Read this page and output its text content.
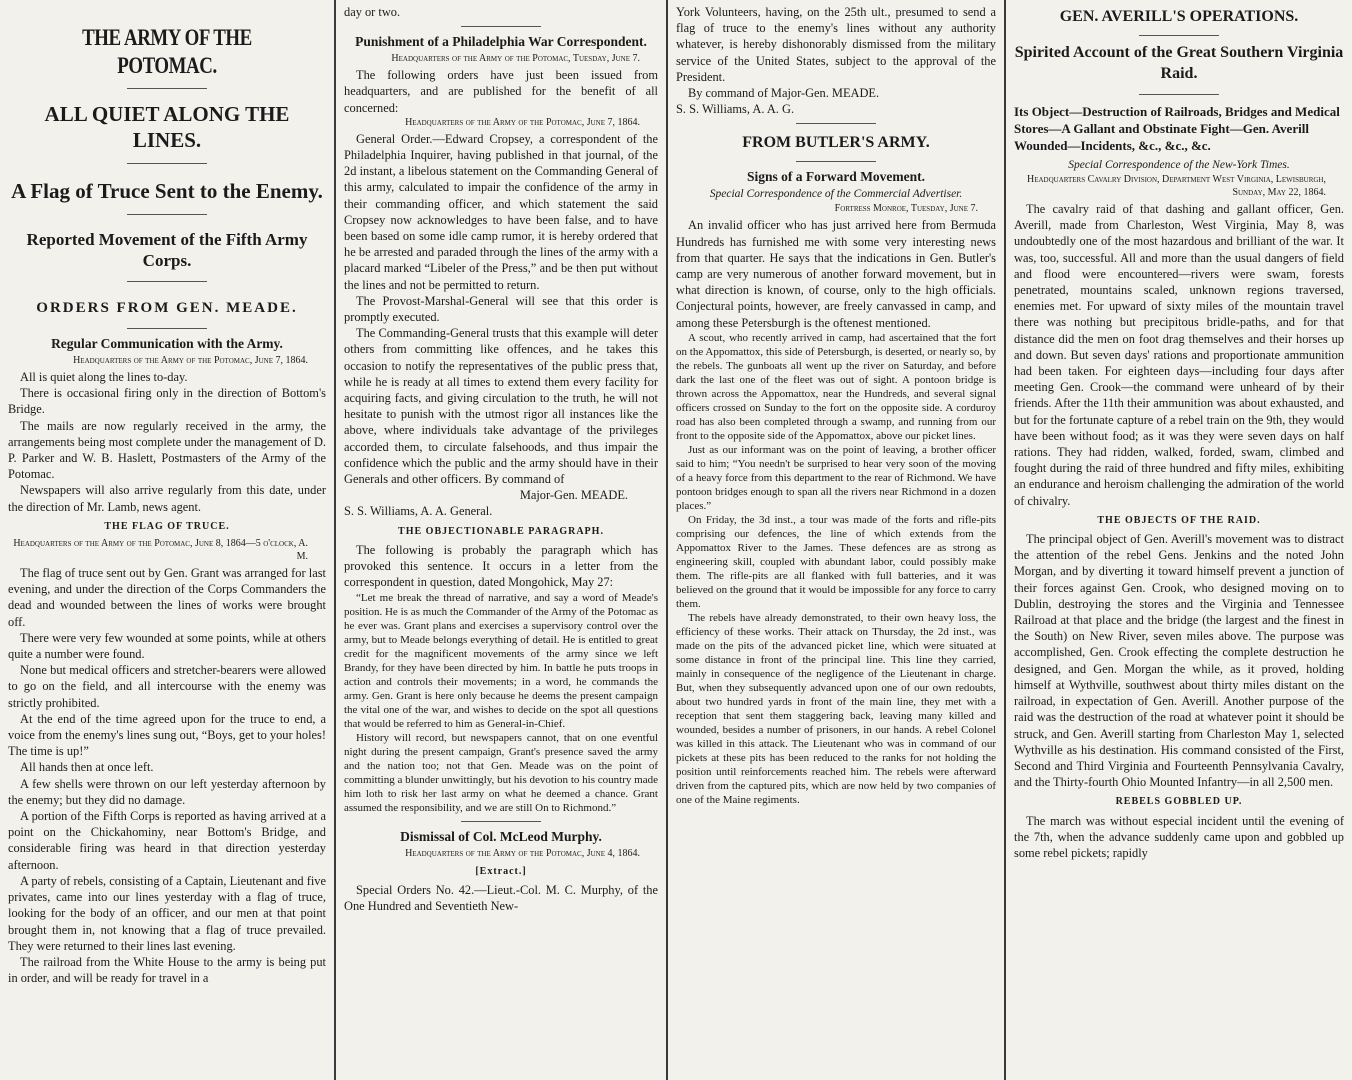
THE ARMY OF THE POTOMAC.
ALL QUIET ALONG THE LINES.
A Flag of Truce Sent to the Enemy.
Reported Movement of the Fifth Army Corps.
ORDERS FROM GEN. MEADE.
Regular Communication with the Army.
Headquarters of the Army of the Potomac, June 7, 1864.

All is quiet along the lines to-day.

There is occasional firing only in the direction of Bottom's Bridge.

The mails are now regularly received in the army, the arrangements being most complete under the management of D. P. Parker and W. B. Haslett, Postmasters of the Army of the Potomac.

Newspapers will also arrive regularly from this date, under the direction of Mr. Lamb, news agent.

THE FLAG OF TRUCE.
Headquarters of the Army of the Potomac, June 8, 1864—5 o'clock, A. M.

The flag of truce sent out by Gen. Grant was arranged for last evening, and under the direction of the Corps Commanders the dead and wounded between the lines of works were brought off.

There were very few wounded at some points, while at others quite a number were found.

None but medical officers and stretcher-bearers were allowed to go on the field, and all intercourse with the enemy was strictly prohibited.

At the end of the time agreed upon for the truce to end, a voice from the enemy's lines sung out, “Boys, get to your holes! The time is up!”

All hands then at once left.

A few shells were thrown on our left yesterday afternoon by the enemy; but they did no damage.

A portion of the Fifth Corps is reported as having arrived at a point on the Chickahominy, near Bottom's Bridge, and considerable firing was heard in that direction yesterday afternoon.

A party of rebels, consisting of a Captain, Lieutenant and five privates, came into our lines yesterday with a flag of truce, looking for the body of an officer, and our men at that point brought them in, not knowing that a flag of truce prevailed. They were returned to their lines last evening.

The railroad from the White House to the army is being put in order, and will be ready for travel in a

day or two.

Punishment of a Philadelphia War Correspondent.
Headquarters of the Army of the Potomac, Tuesday, June 7.

The following orders have just been issued from headquarters, and are published for the benefit of all concerned:

Headquarters of the Army of the Potomac, June 7, 1864.

General Order.—Edward Cropsey, a correspondent of the Philadelphia Inquirer, having published in that journal, of the 2d instant, a libelous statement on the Commanding General of this army, calculated to impair the confidence of the army in their commanding officer, and which statement the said Cropsey now acknowledges to have been false, and to have been based on some idle camp rumor, it is hereby ordered that he be arrested and paraded through the lines of the army with a placard marked “Libeler of the Press,” and be then put without the lines and not be permitted to return.

The Provost-Marshal-General will see that this order is promptly executed.

The Commanding-General trusts that this example will deter others from committing like offences, and he takes this occasion to notify the representatives of the public press that, while he is ready at all times to extend them every facility for acquiring facts, and giving circulation to the truth, he will not hesitate to punish with the utmost rigor all instances like the above, where individuals take advantage of the privileges accorded them, to circulate falsehoods, and thus impair the confidence which the public and the army should have in their Generals and other officers. By command of

Major-Gen. MEADE.

S. S. Williams, A. A. General.

THE OBJECTIONABLE PARAGRAPH.

The following is probably the paragraph which has provoked this sentence. It occurs in a letter from the correspondent in question, dated Mongohick, May 27:

“Let me break the thread of narrative, and say a word of Meade's position. He is as much the Commander of the Army of the Potomac as he ever was. Grant plans and exercises a supervisory control over the army, but to Meade belongs everything of detail. He is entitled to great credit for the magnificent movements of the army since we left Brandy, for they have been directed by him. In battle he puts troops in action and controls their movements; in a word, he commands the army. Gen. Grant is here only because he deems the present campaign the vital one of the war, and wishes to decide on the spot all questions that would be referred to him as General-in-Chief.

History will record, but newspapers cannot, that on one eventful night during the present campaign, Grant's presence saved the army and the nation too; not that Gen. Meade was on the point of committing a blunder unwittingly, but his devotion to his country made him loth to risk her last army on what he deemed a chance. Grant assumed the responsibility, and we are still On to Richmond.”

Dismissal of Col. McLeod Murphy.
Headquarters of the Army of the Potomac, June 4, 1864.
[Extract.]

Special Orders No. 42.—Lieut.-Col. M. C. Murphy, of the One Hundred and Seventieth New-

York Volunteers, having, on the 25th ult., presumed to send a flag of truce to the enemy's lines without any authority whatever, is hereby dishonorably dismissed from the military service of the United States, subject to the approval of the President.

By command of Major-Gen. MEADE.

S. S. Williams, A. A. G.

FROM BUTLER'S ARMY.
Signs of a Forward Movement.
Special Correspondence of the Commercial Advertiser.
Fortress Monroe, Tuesday, June 7.

An invalid officer who has just arrived here from Bermuda Hundreds has furnished me with some very interesting news from that quarter. He says that the indications in Gen. Butler's camp are very numerous of another forward movement, but in what direction is known, of course, only to the high officials. Conjectural points, however, are freely canvassed in camp, and among these Petersburgh is the oftenest mentioned.

A scout, who recently arrived in camp, had ascertained that the fort on the Appomattox, this side of Petersburgh, is deserted, or nearly so, by the rebels. The gunboats all went up the river on Saturday, and before dark the last one of the fleet was out of sight. A pontoon bridge is thrown across the Appomattox, near the Hundreds, and several signal officers crossed on Sunday to the fort on the opposite side. A corduroy road has also been completed through a swamp, and running from our front to the opposite side of the Appomattox, above our picket lines.

Just as our informant was on the point of leaving, a brother officer said to him; “You needn't be surprised to hear very soon of the moving of a heavy force from this department to the rear of Richmond. We have pontoon bridges enough to span all the rivers near Richmond in a dozen places.”

On Friday, the 3d inst., a tour was made of the forts and rifle-pits comprising our defences, the line of which extends from the Appomattox River to the James. These defences are as strong as engineering skill, coupled with abundant labor, could possibly make them. The rifle-pits are all flanked with full batteries, and it was believed on the ground that it would be impossible for any force to carry them.

The rebels have already demonstrated, to their own heavy loss, the efficiency of these works. Their attack on Thursday, the 2d inst., was made on the pits of the advanced picket line, which were situated at some distance in front of the principal line. This line they carried, mainly in consequence of the negligence of the Lieutenant in charge. But, when they subsequently advanced upon one of our own redoubts, about two hundred yards in front of the main line, they met with a reception that sent them staggering back, leaving many killed and wounded, besides a number of prisoners, in our hands. A rebel Colonel was killed in this attack. The Lieutenant who was in command of our pickets at these pits has been reduced to the ranks for not holding the position until reinforcements reached him. The rebels were afterward driven from the captured pits, which are now held by two companies of one of the Maine regiments.

GEN. AVERILL'S OPERATIONS.
Spirited Account of the Great Southern Virginia Raid.
Its Object—Destruction of Railroads, Bridges and Medical Stores—A Gallant and Obstinate Fight—Gen. Averill Wounded—Incidents, &c., &c., &c.
Special Correspondence of the New-York Times.
Headquarters Cavalry Division, Department West Virginia, Lewisburgh, Sunday, May 22, 1864.

The cavalry raid of that dashing and gallant officer, Gen. Averill, made from Charleston, West Virginia, May 8, was undoubtedly one of the most hazardous and brilliant of the war. It was, too, successful. All and more than the usual dangers of field and flood were encountered—rivers were swam, forests penetrated, mountains scaled, unknown regions traversed, enemies met. For upward of sixty miles of the mountain travel there was nothing but precipitous bridle-paths, and for that distance did the men on foot drag themselves and their horses up and down. But seven days' rations and proportionate ammunition had been taken. For eighteen days—including four days after meeting Gen. Crook—the command were unheard of by their friends. After the 11th their ammunition was about exhausted, and but for the fortunate capture of a rebel train on the 9th, they would have been without food; as it was they were seven days on half rations. They had ridden, walked, forded, swam, climbed and fought during the raid of three hundred and fifty miles, exhibiting an endurance and heroism challenging the admiration of the world of chivalry.

THE OBJECTS OF THE RAID.

The principal object of Gen. Averill's movement was to distract the attention of the rebel Gens. Jenkins and the noted John Morgan, and by diverting it toward himself prevent a junction of their forces against Gen. Crook, who designed moving on to Dublin, destroying the stores and the Virginia and Tennessee Railroad at that place and the bridge (the largest and the finest in the South) on New River, seven miles above. The purpose was accomplished, Gen. Crook effecting the complete destruction he designed, and Gen. Morgan the while, as it proved, holding himself at Wythville, southwest about thirty miles distant on the railroad, in expectation of Gen. Averill. Another purpose of the raid was the destruction of the road at whatever point it should be struck, and Gen. Averill starting from Charleston May 1, selected Wythville as his destination. His command consisted of the First, Second and Third Virginia and Fourteenth Pennsylvania Cavalry, and the Thirty-fourth Ohio Mounted Infantry—in all 2,500 men.

REBELS GOBBLED UP.

The march was without especial incident until the evening of the 7th, when the advance suddenly came upon and gobbled up some rebel pickets; rapidly
